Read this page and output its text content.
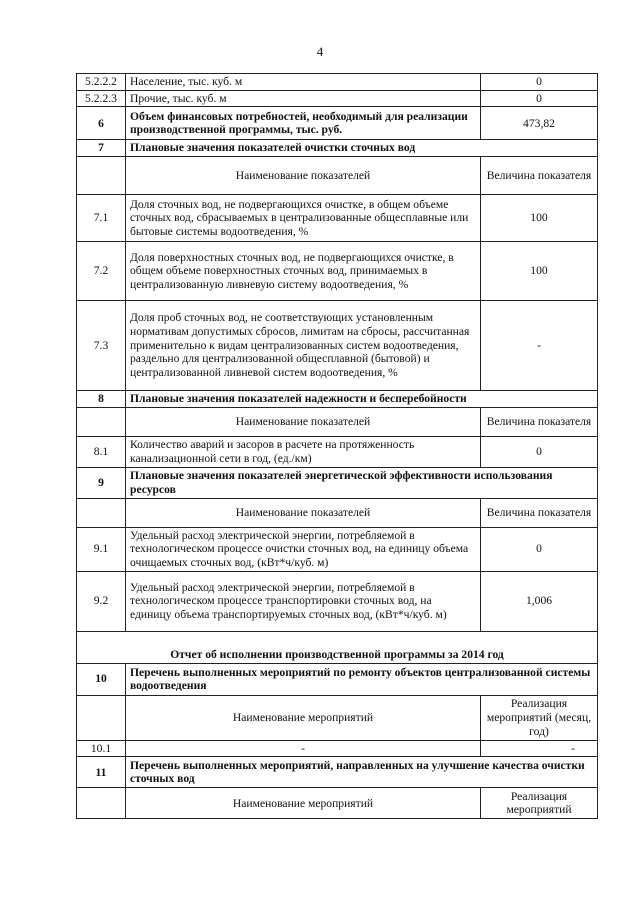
4
5.2.2.2	Население, тыс. куб. м	0
5.2.2.3	Прочие, тыс. куб. м	0
6	Объем финансовых потребностей, необходимый для реализации производственной программы, тыс. руб.	473,82
7	Плановые значения показателей очистки сточных вод	
	Наименование показателей	Величина показателя
7.1	Доля сточных вод, не подвергающихся очистке, в общем объеме сточных вод, сбрасываемых в централизованные общесплавные или бытовые системы водоотведения, %	100
7.2	Доля поверхностных сточных вод, не подвергающихся очистке, в общем объеме поверхностных сточных вод, принимаемых в централизованную ливневую систему водоотведения, %	100
7.3	Доля проб сточных вод, не соответствующих установленным нормативам допустимых сбросов, лимитам на сбросы, рассчитанная применительно к видам централизованных систем водоотведения, раздельно для централизованной общесплавной (бытовой) и централизованной ливневой систем водоотведения, %	-
8	Плановые значения показателей надежности и бесперебойности	
	Наименование показателей	Величина показателя
8.1	Количество аварий и засоров в расчете на протяженность канализационной сети в год, (ед./км)	0
9	Плановые значения показателей энергетической эффективности использования ресурсов	
	Наименование показателей	Величина показателя
9.1	Удельный расход электрической энергии, потребляемой в технологическом процессе очистки сточных вод, на единицу объема очищаемых сточных вод, (кВт*ч/куб. м)	0
9.2	Удельный расход электрической энергии, потребляемой в технологическом процессе транспортировки сточных вод, на единицу объема транспортируемых сточных вод, (кВт*ч/куб. м)	1,006
Отчет об исполнении производственной программы за 2014 год		
10	Перечень выполненных мероприятий по ремонту объектов централизованной системы водоотведения	
	Наименование мероприятий	Реализация мероприятий (месяц, год)
10.1	-	-
11	Перечень выполненных мероприятий, направленных на улучшение качества очистки сточных вод	
	Наименование мероприятий	Реализация мероприятий
